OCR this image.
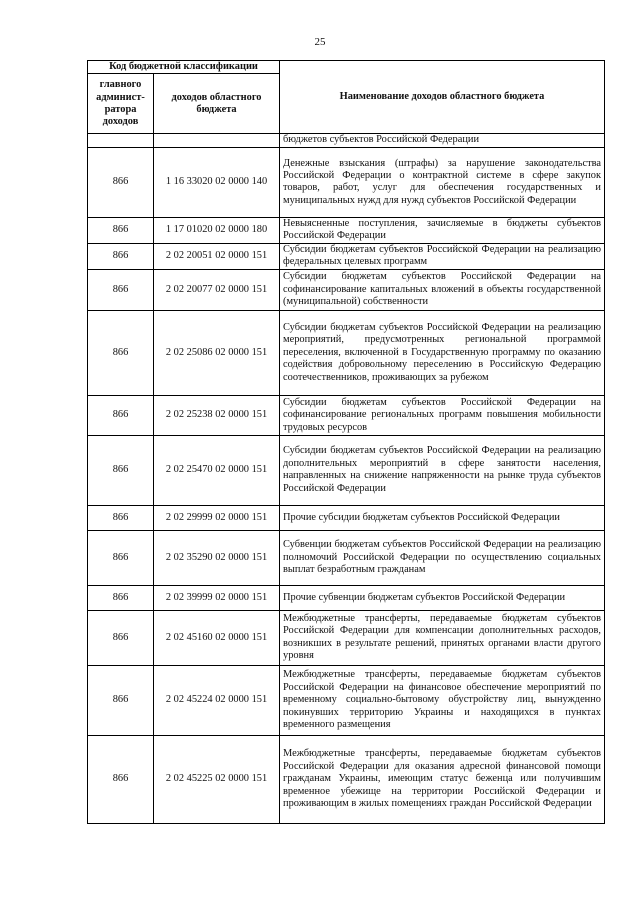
25
Код бюджетной классификации		Наименование доходов областного бюджета
главного админист-ратора доходов	доходов областного бюджета	
		бюджетов субъектов Российской Федерации
866	1 16 33020 02 0000 140	Денежные взыскания (штрафы) за нарушение законодательства Российской Федерации о контрактной системе в сфере закупок товаров, работ, услуг для обеспечения государственных и муниципальных нужд для нужд субъектов Российской Федерации
866	1 17 01020 02 0000 180	Невыясненные поступления, зачисляемые в бюджеты субъектов Российской Федерации
866	2 02 20051 02 0000 151	Субсидии бюджетам субъектов Российской Федерации на реализацию федеральных целевых программ
866	2 02 20077 02 0000 151	Субсидии бюджетам субъектов Российской Федерации на софинансирование капитальных вложений в объекты государственной (муниципальной) собственности
866	2 02 25086 02 0000 151	Субсидии бюджетам субъектов Российской Федерации на реализацию мероприятий, предусмотренных региональной программой переселения, включенной в Государственную программу по оказанию содействия добровольному переселению в Российскую Федерацию соотечественников, проживающих за рубежом
866	2 02 25238 02 0000 151	Субсидии бюджетам субъектов Российской Федерации на софинансирование региональных программ повышения мобильности трудовых ресурсов
866	2 02 25470 02 0000 151	Субсидии бюджетам субъектов Российской Федерации на реализацию дополнительных мероприятий в сфере занятости населения, направленных на снижение напряженности на рынке труда субъектов Российской Федерации
866	2 02 29999 02 0000 151	Прочие субсидии бюджетам субъектов Российской Федерации
866	2 02 35290 02 0000 151	Субвенции бюджетам субъектов Российской Федерации на реализацию полномочий Российской Федерации по осуществлению социальных выплат безработным гражданам
866	2 02 39999 02 0000 151	Прочие субвенции бюджетам субъектов Российской Федерации
866	2 02 45160 02 0000 151	Межбюджетные трансферты, передаваемые бюджетам субъектов Российской Федерации для компенсации дополнительных расходов, возникших в результате решений, принятых органами власти другого уровня
866	2 02 45224 02 0000 151	Межбюджетные трансферты, передаваемые бюджетам субъектов Российской Федерации на финансовое обеспечение мероприятий по временному социально-бытовому обустройству лиц, вынужденно покинувших территорию Украины и находящихся в пунктах временного размещения
866	2 02 45225 02 0000 151	Межбюджетные трансферты, передаваемые бюджетам субъектов Российской Федерации для оказания адресной финансовой помощи гражданам Украины, имеющим статус беженца или получившим временное убежище на территории Российской Федерации и проживающим в жилых помещениях граждан Российской Федерации
